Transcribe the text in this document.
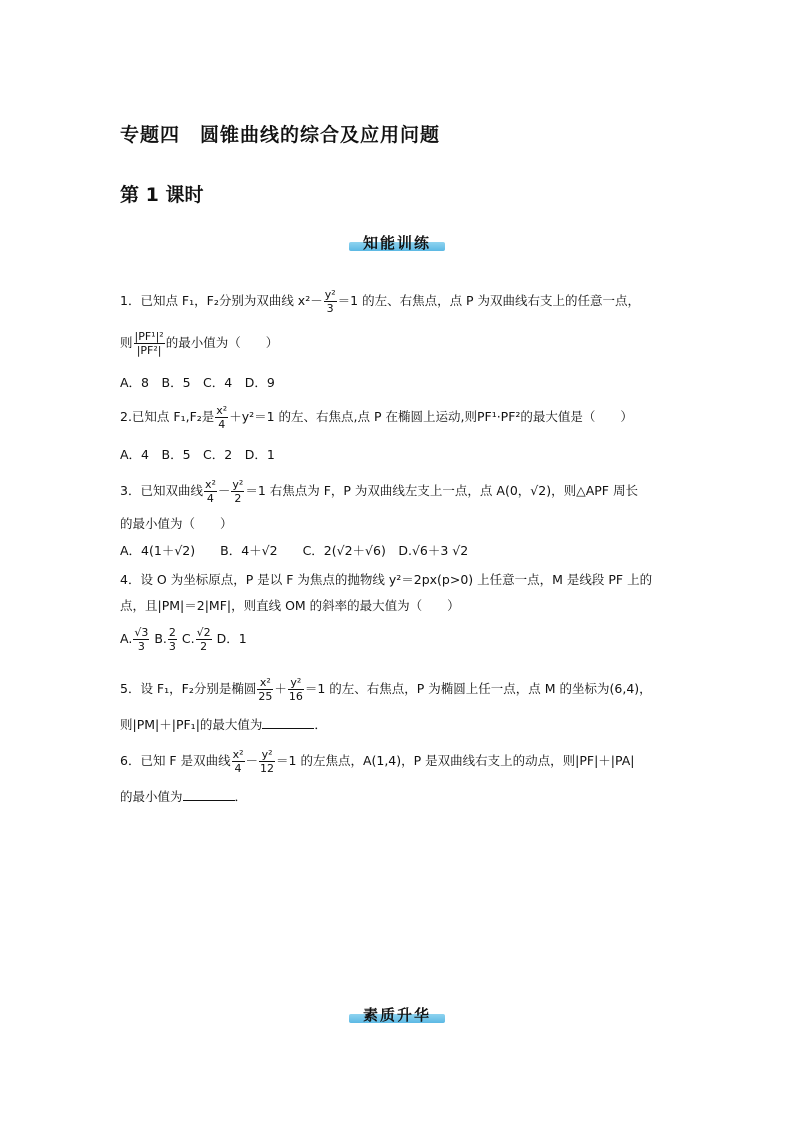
专题四　圆锥曲线的综合及应用问题
第 1 课时
知能训练
1．已知点 F₁，F₂分别为双曲线 $x^2- \frac{\text{y²}}{3} =1$ 的左、右焦点，点 P 为双曲线右支上的任意一点，
则 $\frac{\text{|PF¹|²}}{\text{|PF²|}}$ 的最小值为（　　）
A．8　B．5　C．4　D．9
2.已知点 F₁,F₂是 $\frac{\text{x²}}{4} +y^2=1$ 的左、右焦点,点 P 在椭圆上运动,则PF¹·PF²的最大值是（　　）
A．4　B．5　C．2　D．1
3．已知双曲线 $\frac{\text{x²}}{4} - \frac{\text{y²}}{2} =1$ 右焦点为 F，P 为双曲线左支上一点，点 A(0，√2)，则△APF 周长
的最小值为（　　）
A．4(1＋√2)　　B．4＋√2　　C．2(√2＋√6)　D.√6＋3 √2
4．设 O 为坐标原点，P 是以 F 为焦点的抛物线 y²＝2px(p>0) 上任意一点，M 是线段 PF 上的
点，且|PM|＝2|MF|，则直线 OM 的斜率的最大值为（　　）
A. $\frac{√3}{3} B$. $\frac{2}{3} C$. $\frac{√2}{2}$ D．1
5．设 F₁，F₂分别是椭圆 $\frac{\text{x²}}{25} + \frac{\text{y²}}{16} =1$ 的左、右焦点，P 为椭圆上任一点，点 M 的坐标为(6,4)，
则|PM|＋|PF₁|的最大值为	．
6．已知 F 是双曲线 $\frac{\text{x²}}{4} - \frac{\text{y²}}{12} =1$ 的左焦点，A(1,4)，P 是双曲线右支上的动点，则|PF|＋|PA|
的最小值为	．
素质升华
